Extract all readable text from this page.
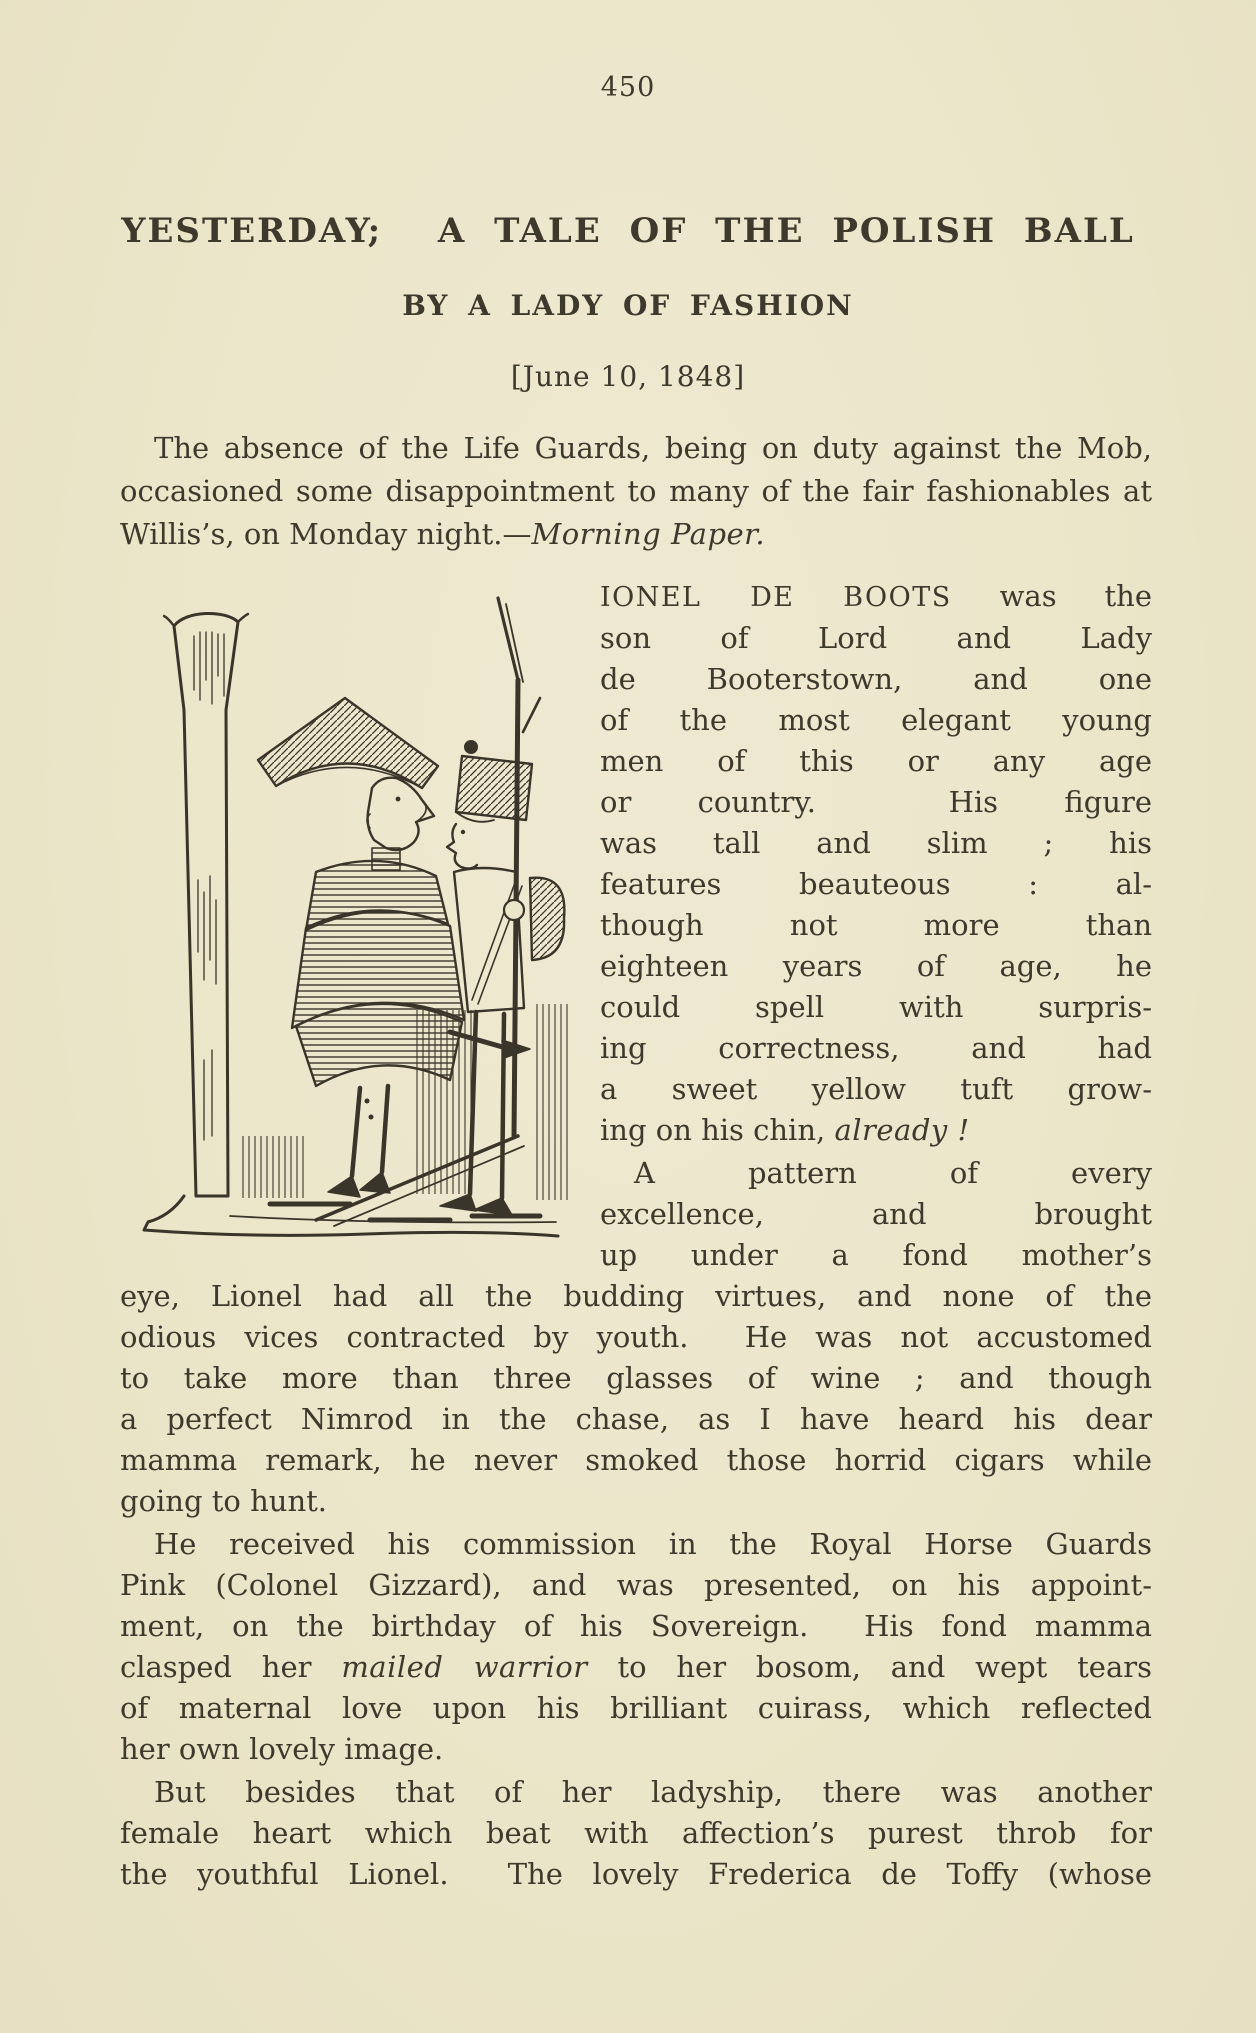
450
YESTERDAY;  A TALE OF THE POLISH BALL
BY A LADY OF FASHION
[June 10, 1848]

The absence of the Life Guards, being on duty against the Mob,
occasioned some disappointment to many of the fair fashionables at
Willis’s, on Monday night.—Morning Paper.

IONEL DE BOOTS was the
son of Lord and Lady
de Booterstown, and one
of the most elegant young
men of this or any age
or country.  His figure
was tall and slim ; his
features beauteous : al-
though not more than
eighteen years of age, he
could spell with surpris-
ing correctness, and had
a sweet yellow tuft grow-
ing on his chin, already !

A pattern of every
excellence, and brought
up under a fond mother’s
eye, Lionel had all the budding virtues, and none of the
odious vices contracted by youth.  He was not accustomed
to take more than three glasses of wine ; and though
a perfect Nimrod in the chase, as I have heard his dear
mamma remark, he never smoked those horrid cigars while
going to hunt.

He received his commission in the Royal Horse Guards
Pink (Colonel Gizzard), and was presented, on his appoint-
ment, on the birthday of his Sovereign.  His fond mamma
clasped her mailed warrior to her bosom, and wept tears
of maternal love upon his brilliant cuirass, which reflected
her own lovely image.

But besides that of her ladyship, there was another
female heart which beat with affection’s purest throb for
the youthful Lionel.  The lovely Frederica de Toffy (whose
